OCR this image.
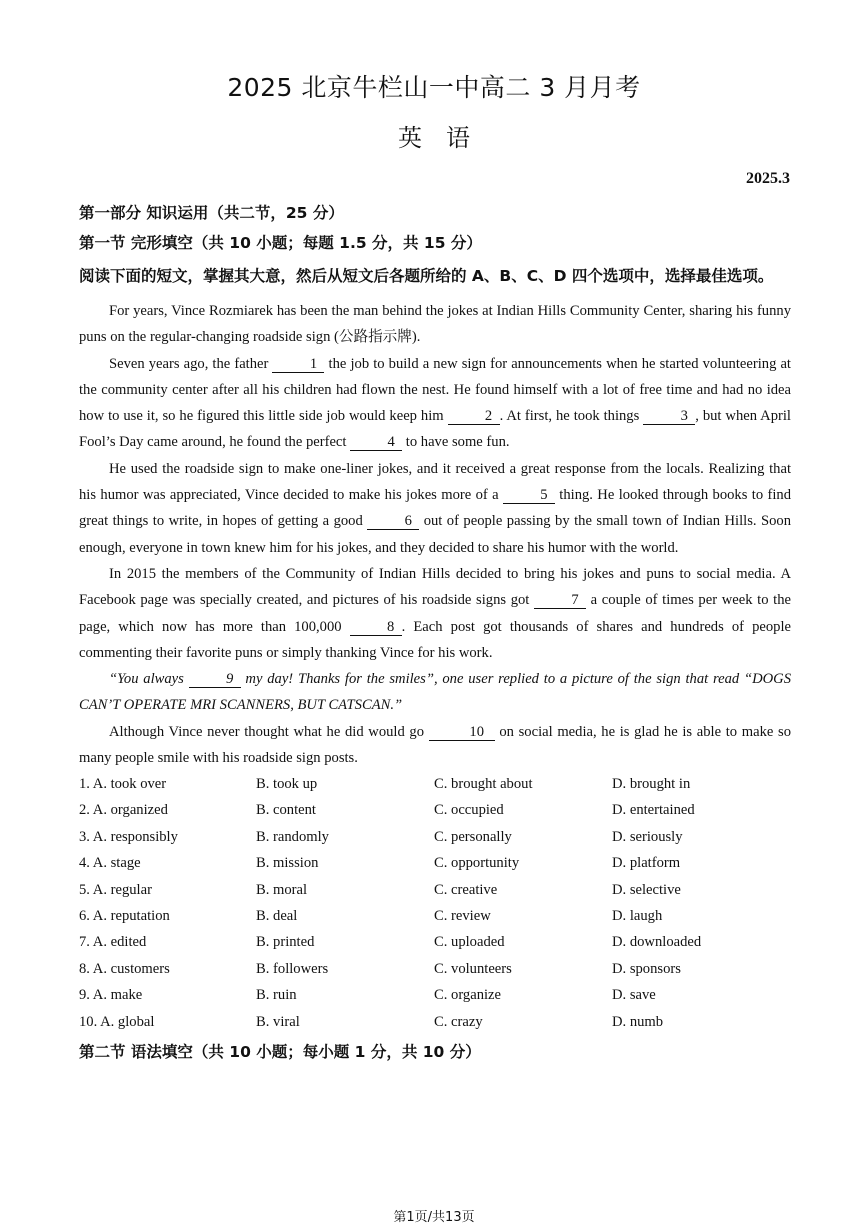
2025 北京牛栏山一中高二 3 月月考
英　语
2025.3
第一部分 知识运用（共二节，25 分）
第一节 完形填空（共 10 小题；每题 1.5 分，共 15 分）
阅读下面的短文，掌握其大意，然后从短文后各题所给的 A、B、C、D 四个选项中，选择最佳选项。

For years, Vince Rozmiarek has been the man behind the jokes at Indian Hills Community Center, sharing his funny puns on the regular-changing roadside sign (公路指示牌).

Seven years ago, the father	1 the job to build a new sign for announcements when he started volunteering at the community center after all his children had flown the nest. He found himself with a lot of free time and had no idea how to use it, so he figured this little side job would keep him	2 . At first, he took things	3 , but when April Fool’s Day came around, he found the perfect	4 to have some fun.

He used the roadside sign to make one-liner jokes, and it received a great response from the locals. Realizing that his humor was appreciated, Vince decided to make his jokes more of a	5 thing. He looked through books to find great things to write, in hopes of getting a good	6 out of people passing by the small town of Indian Hills. Soon enough, everyone in town knew him for his jokes, and they decided to share his humor with the world.

In 2015 the members of the Community of Indian Hills decided to bring his jokes and puns to social media. A Facebook page was specially created, and pictures of his roadside signs got	7 a couple of times per week to the page, which now has more than 100,000	8 . Each post got thousands of shares and hundreds of people commenting their favorite puns or simply thanking Vince for his work.

“You always	9 my day! Thanks for the smiles”, one user replied to a picture of the sign that read “DOGS CAN’T OPERATE MRI SCANNERS, BUT CATSCAN.”

Although Vince never thought what he did would go	10 on social media, he is glad he is able to make so many people smile with his roadside sign posts.

1. A. took over	B. took up	C. brought about	D. brought in
2. A. organized	B. content	C. occupied	D. entertained
3. A. responsibly	B. randomly	C. personally	D. seriously
4. A. stage	B. mission	C. opportunity	D. platform
5. A. regular	B. moral	C. creative	D. selective
6. A. reputation	B. deal	C. review	D. laugh
7. A. edited	B. printed	C. uploaded	D. downloaded
8. A. customers	B. followers	C. volunteers	D. sponsors
9. A. make	B. ruin	C. organize	D. save
10. A. global	B. viral	C. crazy	D. numb
第二节 语法填空（共 10 小题；每小题 1 分，共 10 分）
第1页/共13页
